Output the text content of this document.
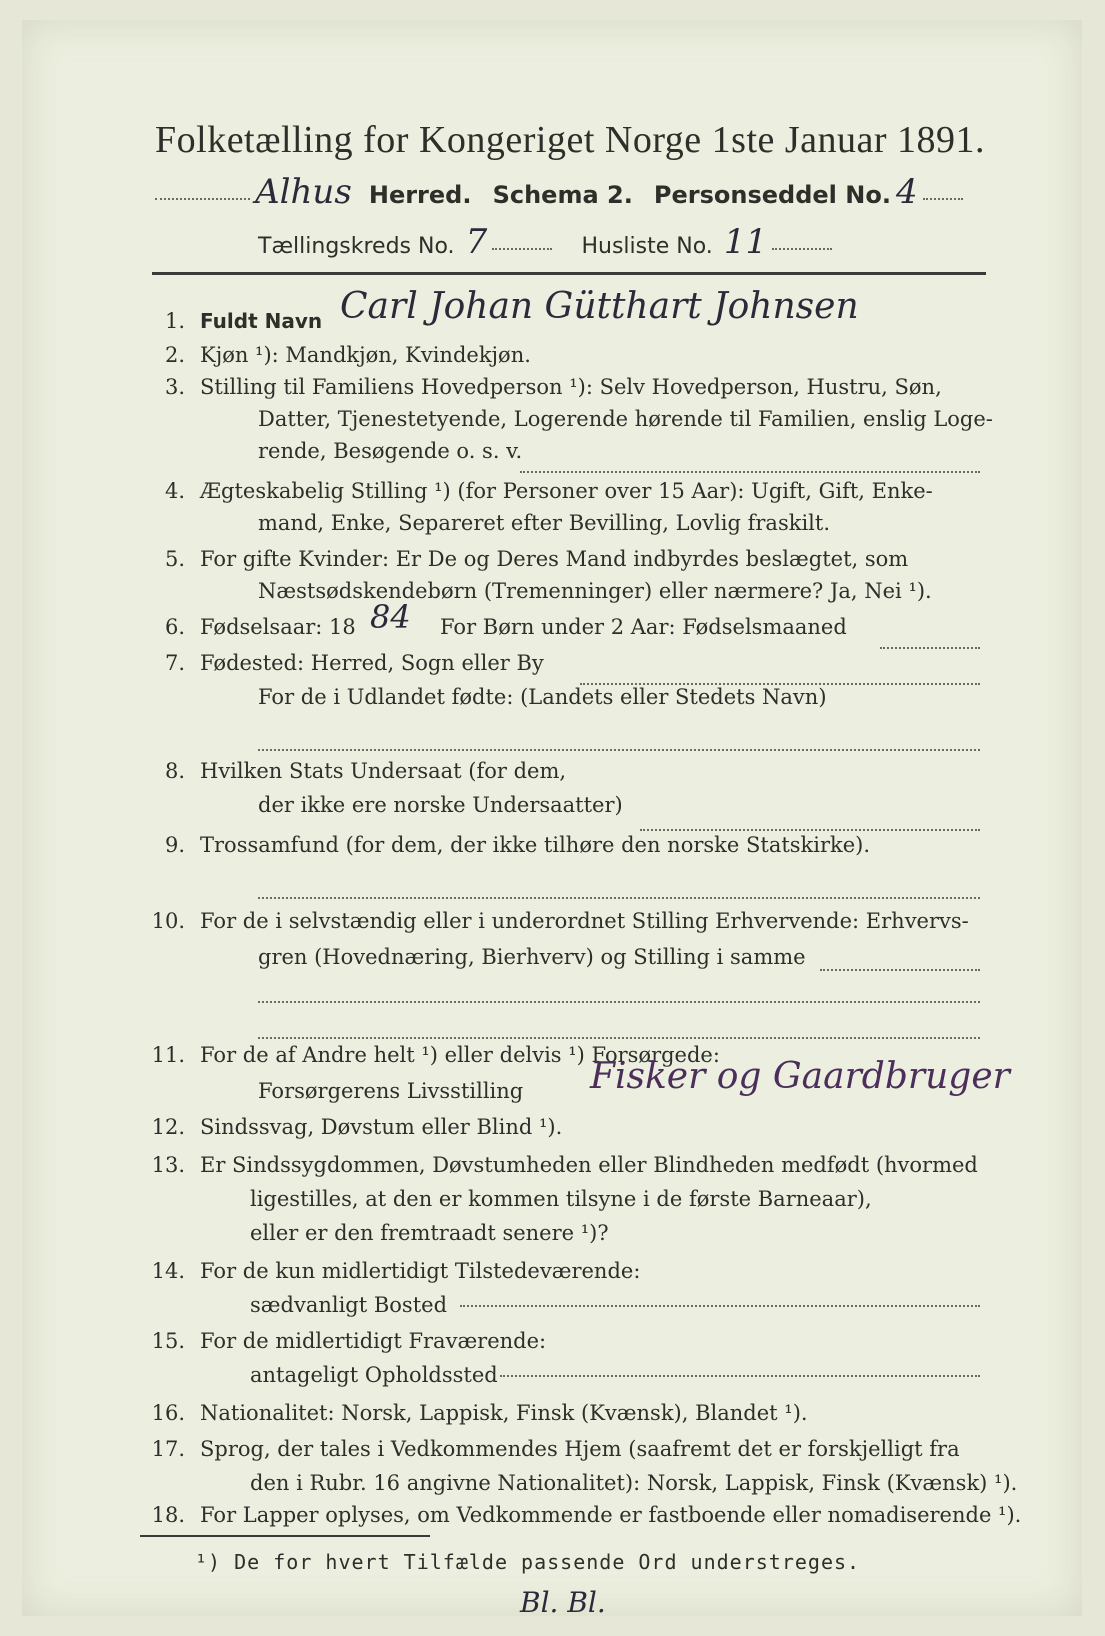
Folketælling for Kongeriget Norge 1ste Januar 1891.
Alhus Herred. Schema 2. Personseddel No. 4
Tællingskreds No. 7	Husliste No. 11
1. Fuldt Navn Carl Johan Gütthart Johnsen
2. Kjøn ¹): Mandkjøn, Kvindekjøn.
3. Stilling til Familiens Hovedperson ¹): Selv Hovedperson, Hustru, Søn,
Datter, Tjenestetyende, Logerende hørende til Familien, enslig Loge-
rende, Besøgende o. s. v.
4. Ægteskabelig Stilling ¹) (for Personer over 15 Aar): Ugift, Gift, Enke-
mand, Enke, Separeret efter Bevilling, Lovlig fraskilt.
5. For gifte Kvinder: Er De og Deres Mand indbyrdes beslægtet, som
Næstsødskendebørn (Tremenninger) eller nærmere? Ja, Nei ¹).
6. Fødselsaar: 18 84 For Børn under 2 Aar: Fødselsmaaned
7. Fødested: Herred, Sogn eller By
For de i Udlandet fødte: (Landets eller Stedets Navn)
8. Hvilken Stats Undersaat (for dem,
der ikke ere norske Undersaatter)
9. Trossamfund (for dem, der ikke tilhøre den norske Statskirke).
10. For de i selvstændig eller i underordnet Stilling Erhvervende: Erhvervs-
gren (Hovednæring, Bierhverv) og Stilling i samme
11. For de af Andre helt ¹) eller delvis ¹) Forsørgede:
Forsørgerens Livsstilling Fisker og Gaardbruger
12. Sindssvag, Døvstum eller Blind ¹).
13. Er Sindssygdommen, Døvstumheden eller Blindheden medfødt (hvormed
ligestilles, at den er kommen tilsyne i de første Barneaar),
eller er den fremtraadt senere ¹)?
14. For de kun midlertidigt Tilstedeværende:
sædvanligt Bosted
15. For de midlertidigt Fraværende:
antageligt Opholdssted
16. Nationalitet: Norsk, Lappisk, Finsk (Kvænsk), Blandet ¹).
17. Sprog, der tales i Vedkommendes Hjem (saafremt det er forskjelligt fra
den i Rubr. 16 angivne Nationalitet): Norsk, Lappisk, Finsk (Kvænsk) ¹).
18. For Lapper oplyses, om Vedkommende er fastboende eller nomadiserende ¹).
¹) De for hvert Tilfælde passende Ord understreges.
Bl. Bl.
